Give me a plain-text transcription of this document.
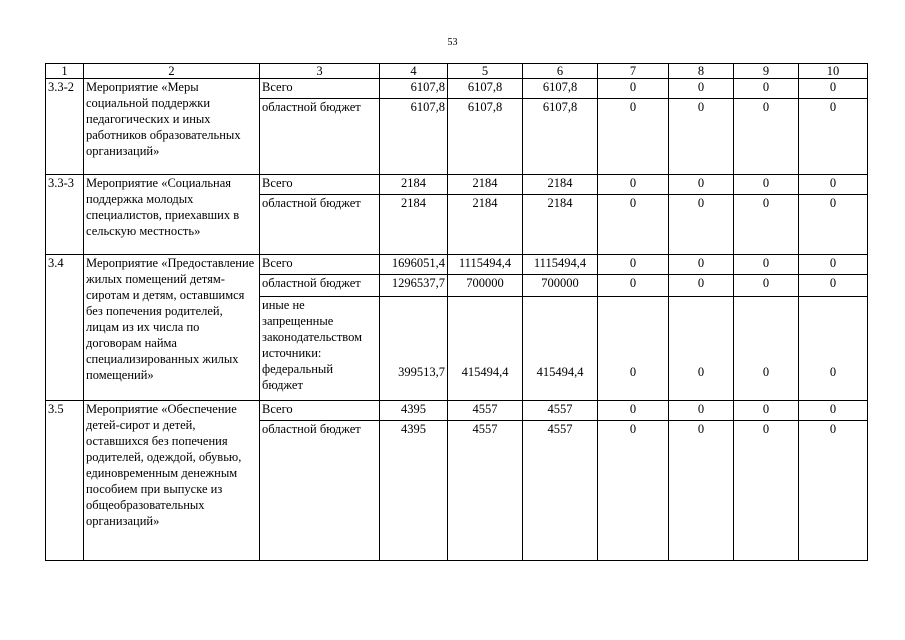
53
1	2	3	4	5	6	7	8	9	10
3.3-2	Мероприятие «Меры социальной поддержки педагогических и иных работников образовательных организаций»	Всего	6107,8	6107,8	6107,8	0	0	0	0
		областной бюджет	6107,8	6107,8	6107,8	0	0	0	0
3.3-3	Мероприятие «Социальная поддержка молодых специалистов, приехавших в сельскую местность»	Всего	2184	2184	2184	0	0	0	0
		областной бюджет	2184	2184	2184	0	0	0	0
3.4	Мероприятие «Предоставление жилых помещений детям-сиротам и детям, оставшимся без попечения родителей, лицам из их числа по договорам найма специализированных жилых помещений»	Всего	1696051,4	1115494,4	1115494,4	0	0	0	0
		областной бюджет	1296537,7	700000	700000	0	0	0	0
		иные не запрещенные законодательством источники: федеральный бюджет	399513,7	415494,4	415494,4	0	0	0	0
3.5	Мероприятие «Обеспечение детей-сирот и детей, оставшихся без попечения родителей, одеждой, обувью, единовременным денежным пособием при выпуске из общеобразовательных организаций»	Всего	4395	4557	4557	0	0	0	0
		областной бюджет	4395	4557	4557	0	0	0	0
